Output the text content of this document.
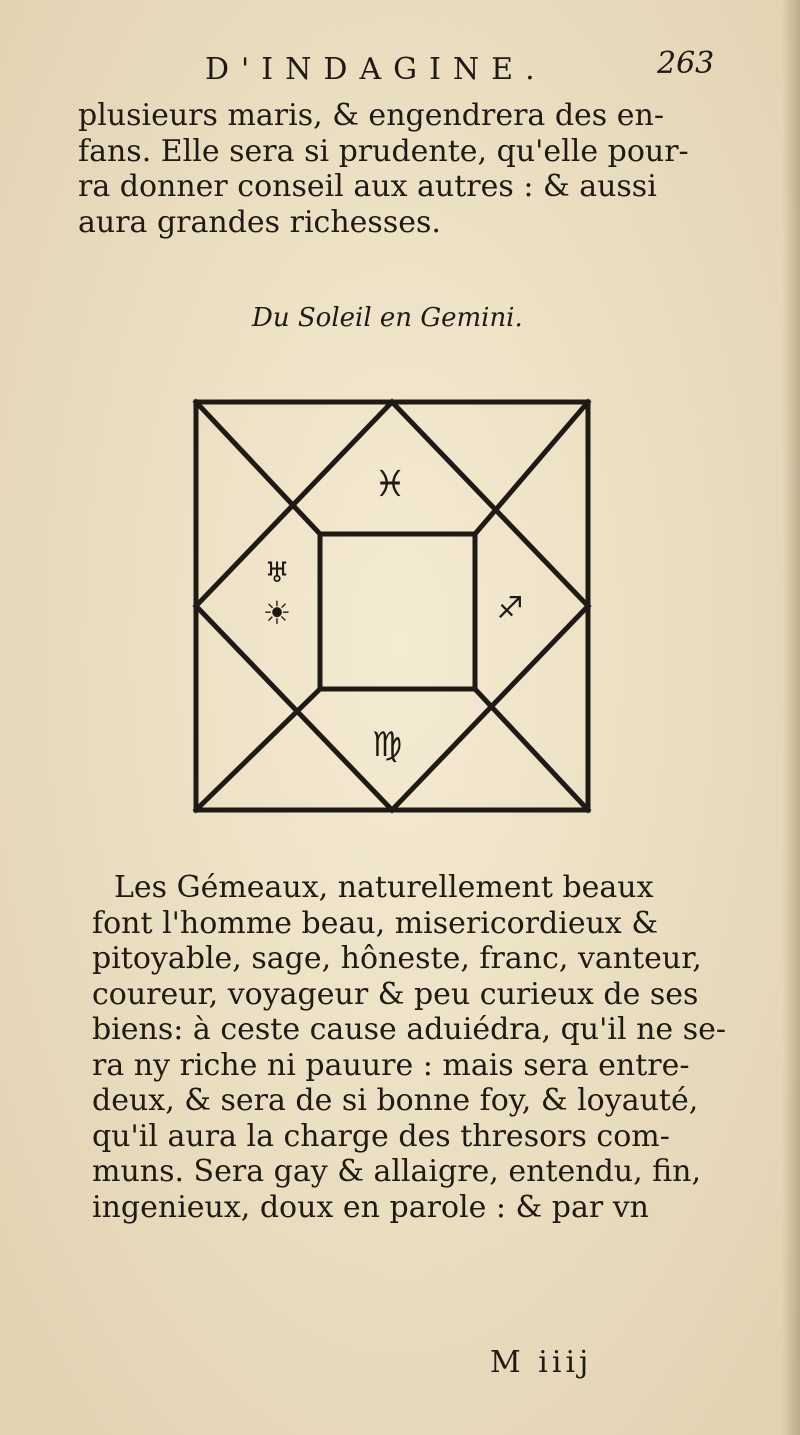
D'INDAGINE.	263
plusieurs maris, & engendrera des en-
fans. Elle sera si prudente, qu'elle pour-
ra donner conseil aux autres : & aussi
aura grandes richesses.
Du Soleil en Gemini.
♓
♅
☀	♐
♍
Les Gémeaux, naturellement beaux
font l'homme beau, misericordieux &
pitoyable, sage, hôneste, franc, vanteur,
coureur, voyageur & peu curieux de ses
biens: à ceste cause aduiédra, qu'il ne se-
ra ny riche ni pauure : mais sera entre-
deux, & sera de si bonne foy, & loyauté,
qu'il aura la charge des thresors com-
muns. Sera gay & allaigre, entendu, fin,
ingenieux, doux en parole : & par vn
M iiij
